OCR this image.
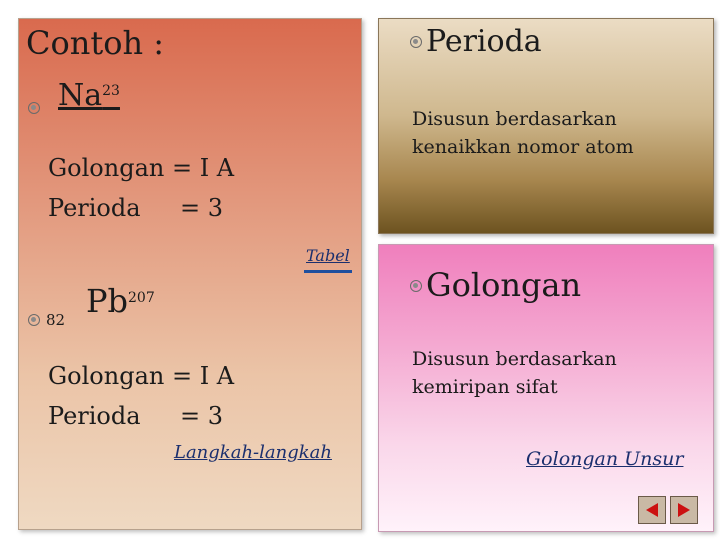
Contoh :
Na$^{23}$
Golongan = I A
Perioda = 3
Tabel
82 Pb$^{207}$
Golongan = I A
Perioda = 3
Langkah-langkah
Perioda
Disusun berdasarkan
kenaikkan nomor atom
Golongan
Disusun berdasarkan
kemiripan sifat
Golongan Unsur
